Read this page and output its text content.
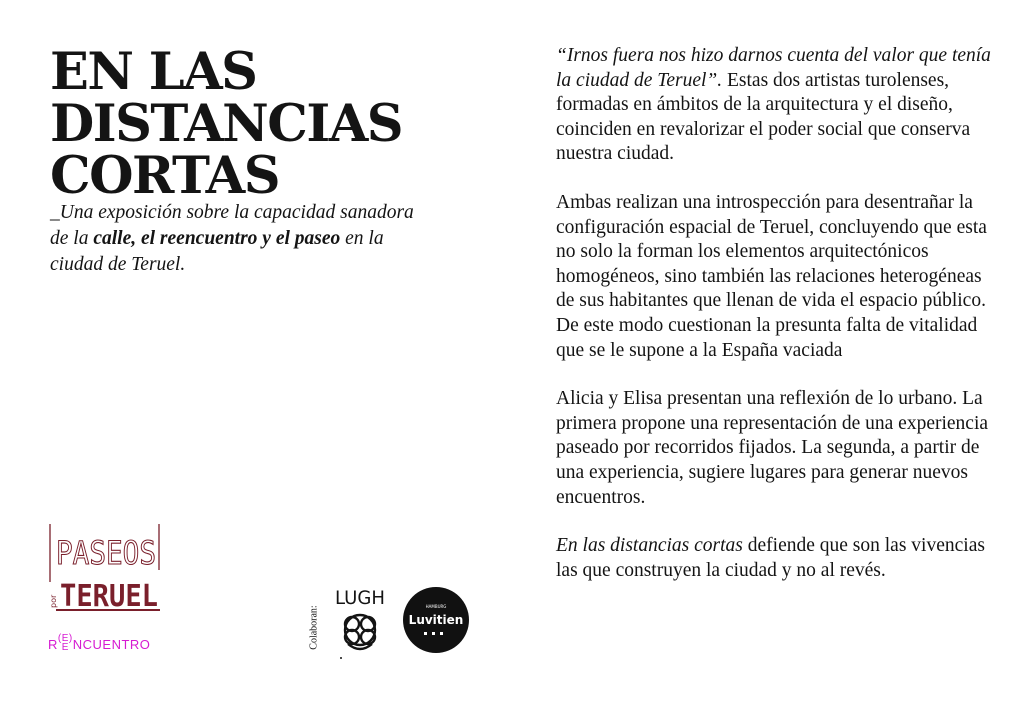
EN LAS
DISTANCIAS
CORTAS

_Una exposición sobre la capacidad sanadora de la calle, el reencuentro y el paseo en la ciudad de Teruel.

“Irnos fuera nos hizo darnos cuenta del valor que tenía la ciudad de Teruel”. Estas dos artistas turolenses, formadas en ámbitos de la arquitectura y el diseño, coinciden en revalorizar el poder social que conserva nuestra ciudad.

Ambas realizan una introspección para desentrañar la configuración espacial de Teruel, concluyendo que esta no solo la forman los elementos arquitectónicos homogéneos, sino también las relaciones heterogéneas de sus habitantes que llenan de vida el espacio público. De este modo cuestionan la presunta falta de vitalidad que se le supone a la España vaciada

Alicia y Elisa presentan una reflexión de lo urbano. La primera propone una representación de una experiencia paseado por recorridos fijados. La segunda, a partir de una experiencia, sugiere lugares para generar nuevos encuentros.

En las distancias cortas defiende que son las vivencias las que construyen la ciudad y no al revés.

PASEOS
por TERUEL
R (E)
E NCUENTRO	Colaboran:
LUGH	HAMBURG
Luvitien
